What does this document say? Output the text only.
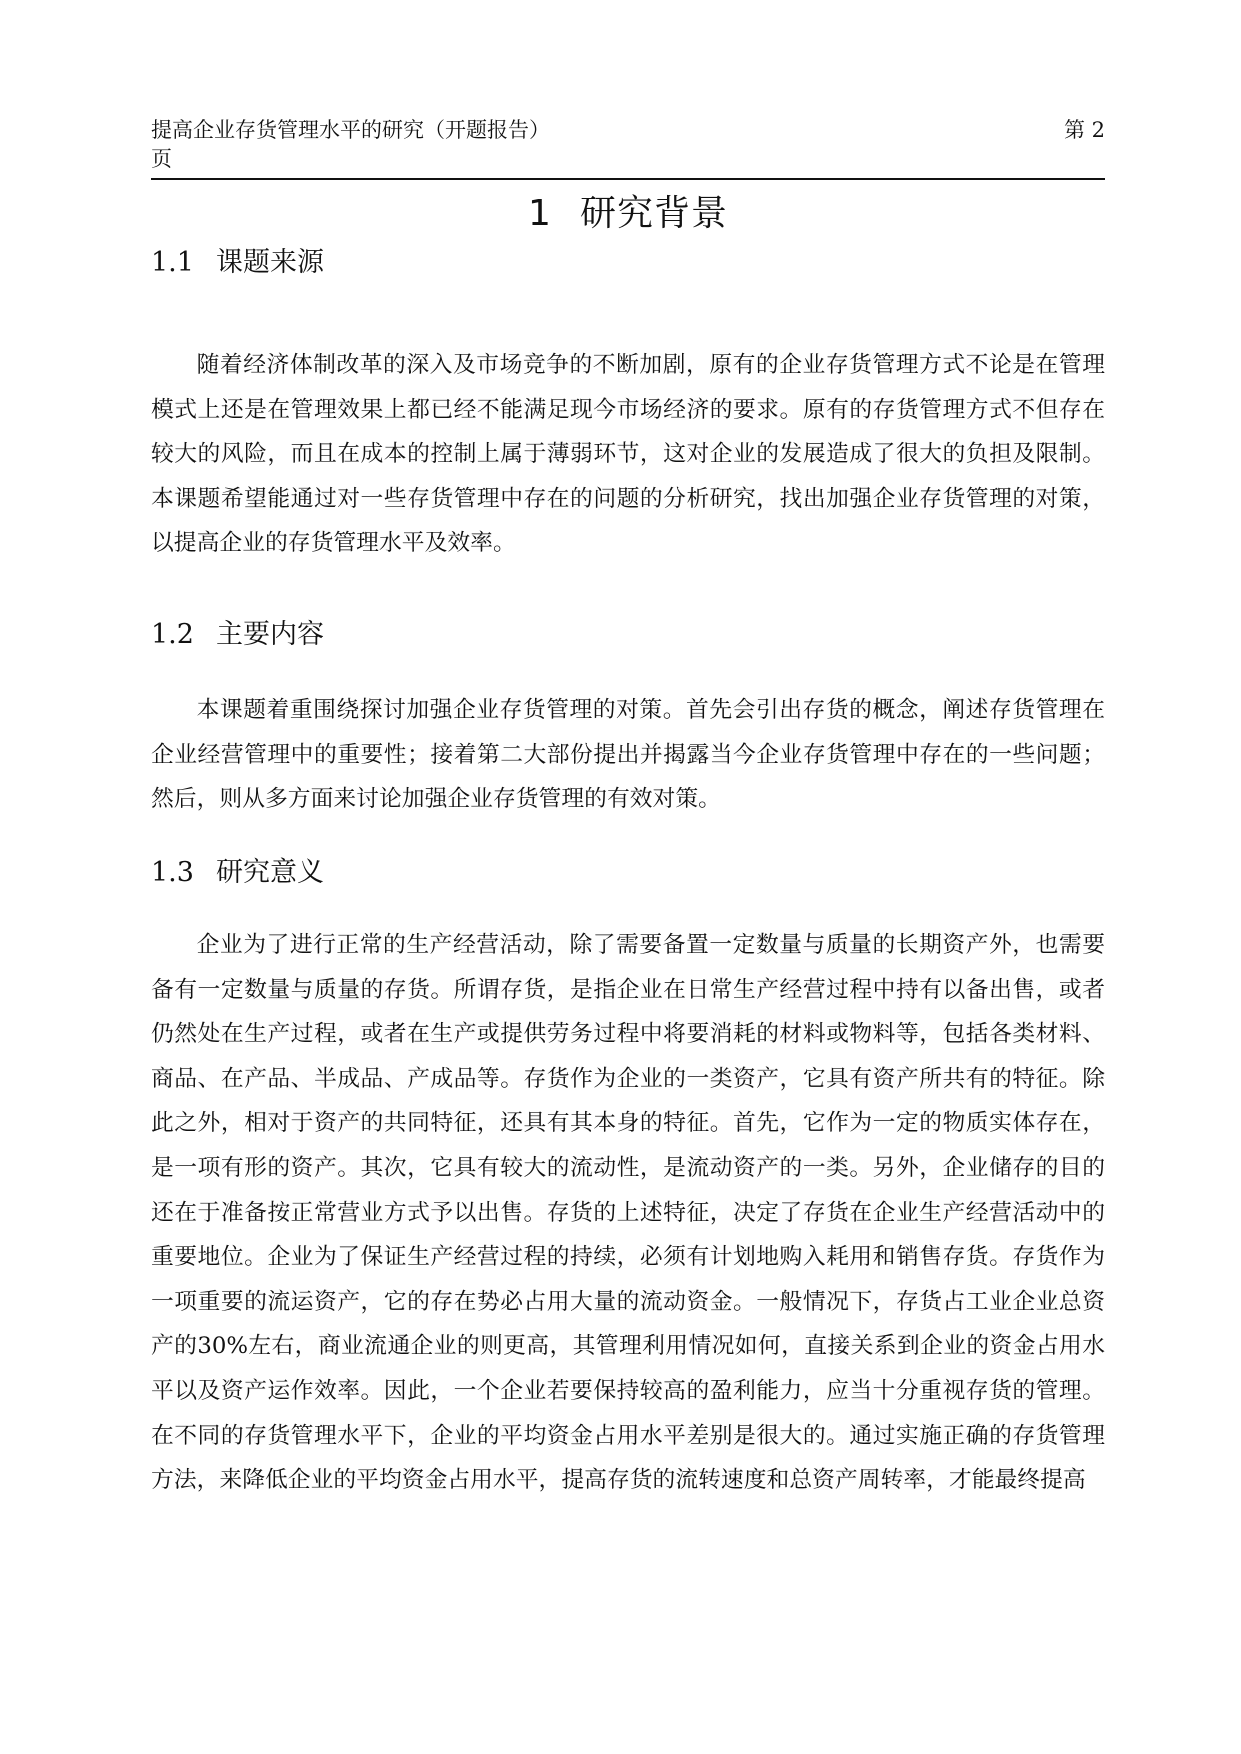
提高企业存货管理水平的研究（开题报告）	第 2
页
1 研究背景
1.1 课题来源

随着经济体制改革的深入及市场竞争的不断加剧，原有的企业存货管理方式不论是在管理模式上还是在管理效果上都已经不能满足现今市场经济的要求。原有的存货管理方式不但存在较大的风险，而且在成本的控制上属于薄弱环节，这对企业的发展造成了很大的负担及限制。本课题希望能通过对一些存货管理中存在的问题的分析研究，找出加强企业存货管理的对策，以提高企业的存货管理水平及效率。

1.2 主要内容

本课题着重围绕探讨加强企业存货管理的对策。首先会引出存货的概念，阐述存货管理在企业经营管理中的重要性；接着第二大部份提出并揭露当今企业存货管理中存在的一些问题；然后，则从多方面来讨论加强企业存货管理的有效对策。

1.3 研究意义

企业为了进行正常的生产经营活动，除了需要备置一定数量与质量的长期资产外，也需要备有一定数量与质量的存货。所谓存货，是指企业在日常生产经营过程中持有以备出售，或者仍然处在生产过程，或者在生产或提供劳务过程中将要消耗的材料或物料等，包括各类材料、商品、在产品、半成品、产成品等。存货作为企业的一类资产，它具有资产所共有的特征。除此之外，相对于资产的共同特征，还具有其本身的特征。首先，它作为一定的物质实体存在，是一项有形的资产。其次，它具有较大的流动性，是流动资产的一类。另外，企业储存的目的还在于准备按正常营业方式予以出售。存货的上述特征，决定了存货在企业生产经营活动中的重要地位。企业为了保证生产经营过程的持续，必须有计划地购入耗用和销售存货。存货作为一项重要的流运资产，它的存在势必占用大量的流动资金。一般情况下，存货占工业企业总资产的30%左右，商业流通企业的则更高，其管理利用情况如何，直接关系到企业的资金占用水平以及资产运作效率。因此，一个企业若要保持较高的盈利能力，应当十分重视存货的管理。在不同的存货管理水平下，企业的平均资金占用水平差别是很大的。通过实施正确的存货管理方法，来降低企业的平均资金占用水平，提高存货的流转速度和总资产周转率，才能最终提高
